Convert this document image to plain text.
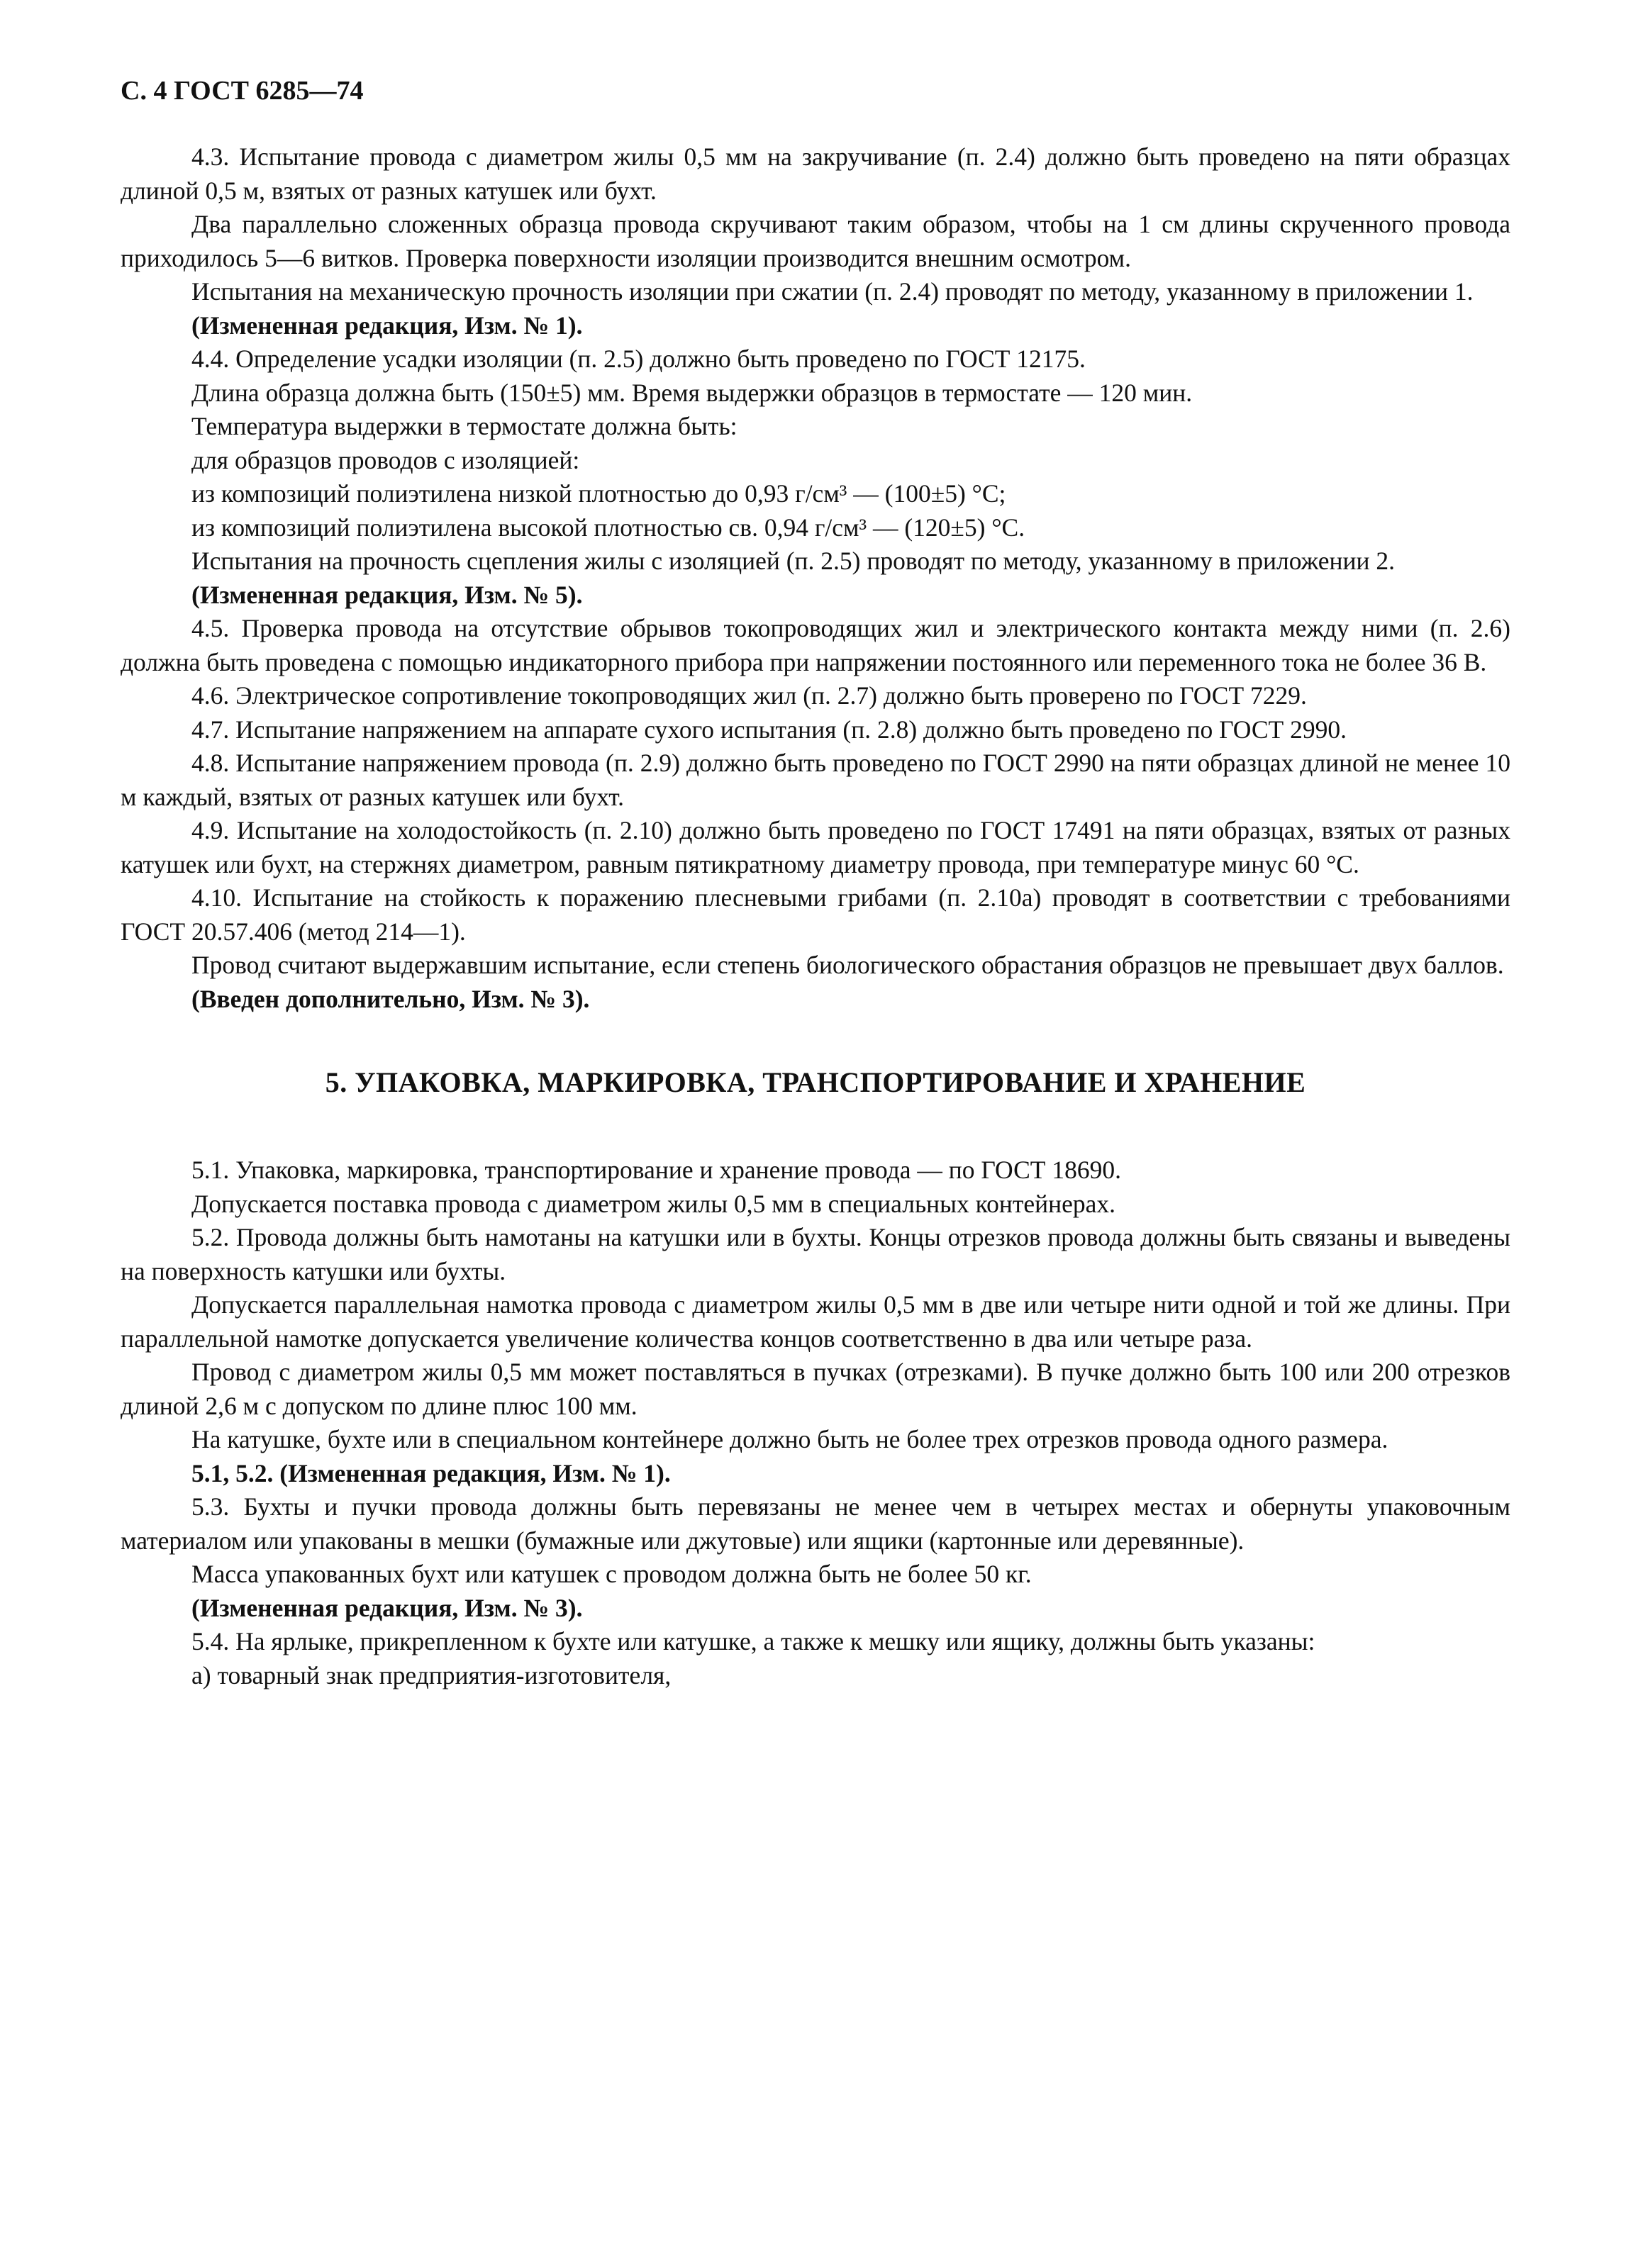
С. 4 ГОСТ 6285—74

4.3. Испытание провода с диаметром жилы 0,5 мм на закручивание (п. 2.4) должно быть проведено на пяти образцах длиной 0,5 м, взятых от разных катушек или бухт.

Два параллельно сложенных образца провода скручивают таким образом, чтобы на 1 см длины скрученного провода приходилось 5—6 витков. Проверка поверхности изоляции производится внешним осмотром.

Испытания на механическую прочность изоляции при сжатии (п. 2.4) проводят по методу, указанному в приложении 1.

(Измененная редакция, Изм. № 1).

4.4. Определение усадки изоляции (п. 2.5) должно быть проведено по ГОСТ 12175.

Длина образца должна быть (150±5) мм. Время выдержки образцов в термостате — 120 мин.

Температура выдержки в термостате должна быть:

для образцов проводов с изоляцией:

из композиций полиэтилена низкой плотностью до 0,93 г/см³ — (100±5) °С;

из композиций полиэтилена высокой плотностью св. 0,94 г/см³ — (120±5) °С.

Испытания на прочность сцепления жилы с изоляцией (п. 2.5) проводят по методу, указанному в приложении 2.

(Измененная редакция, Изм. № 5).

4.5. Проверка провода на отсутствие обрывов токопроводящих жил и электрического контакта между ними (п. 2.6) должна быть проведена с помощью индикаторного прибора при напряжении постоянного или переменного тока не более 36 В.

4.6. Электрическое сопротивление токопроводящих жил (п. 2.7) должно быть проверено по ГОСТ 7229.

4.7. Испытание напряжением на аппарате сухого испытания (п. 2.8) должно быть проведено по ГОСТ 2990.

4.8. Испытание напряжением провода (п. 2.9) должно быть проведено по ГОСТ 2990 на пяти образцах длиной не менее 10 м каждый, взятых от разных катушек или бухт.

4.9. Испытание на холодостойкость (п. 2.10) должно быть проведено по ГОСТ 17491 на пяти образцах, взятых от разных катушек или бухт, на стержнях диаметром, равным пятикратному диаметру провода, при температуре минус 60 °С.

4.10. Испытание на стойкость к поражению плесневыми грибами (п. 2.10а) проводят в соответствии с требованиями ГОСТ 20.57.406 (метод 214—1).

Провод считают выдержавшим испытание, если степень биологического обрастания образцов не превышает двух баллов.

(Введен дополнительно, Изм. № 3).

5. УПАКОВКА, МАРКИРОВКА, ТРАНСПОРТИРОВАНИЕ И ХРАНЕНИЕ

5.1. Упаковка, маркировка, транспортирование и хранение провода — по ГОСТ 18690.

Допускается поставка провода с диаметром жилы 0,5 мм в специальных контейнерах.

5.2. Провода должны быть намотаны на катушки или в бухты. Концы отрезков провода должны быть связаны и выведены на поверхность катушки или бухты.

Допускается параллельная намотка провода с диаметром жилы 0,5 мм в две или четыре нити одной и той же длины. При параллельной намотке допускается увеличение количества концов соответственно в два или четыре раза.

Провод с диаметром жилы 0,5 мм может поставляться в пучках (отрезками). В пучке должно быть 100 или 200 отрезков длиной 2,6 м с допуском по длине плюс 100 мм.

На катушке, бухте или в специальном контейнере должно быть не более трех отрезков провода одного размера.

5.1, 5.2. (Измененная редакция, Изм. № 1).

5.3. Бухты и пучки провода должны быть перевязаны не менее чем в четырех местах и обернуты упаковочным материалом или упакованы в мешки (бумажные или джутовые) или ящики (картонные или деревянные).

Масса упакованных бухт или катушек с проводом должна быть не более 50 кг.

(Измененная редакция, Изм. № 3).

5.4. На ярлыке, прикрепленном к бухте или катушке, а также к мешку или ящику, должны быть указаны:

а) товарный знак предприятия-изготовителя,
